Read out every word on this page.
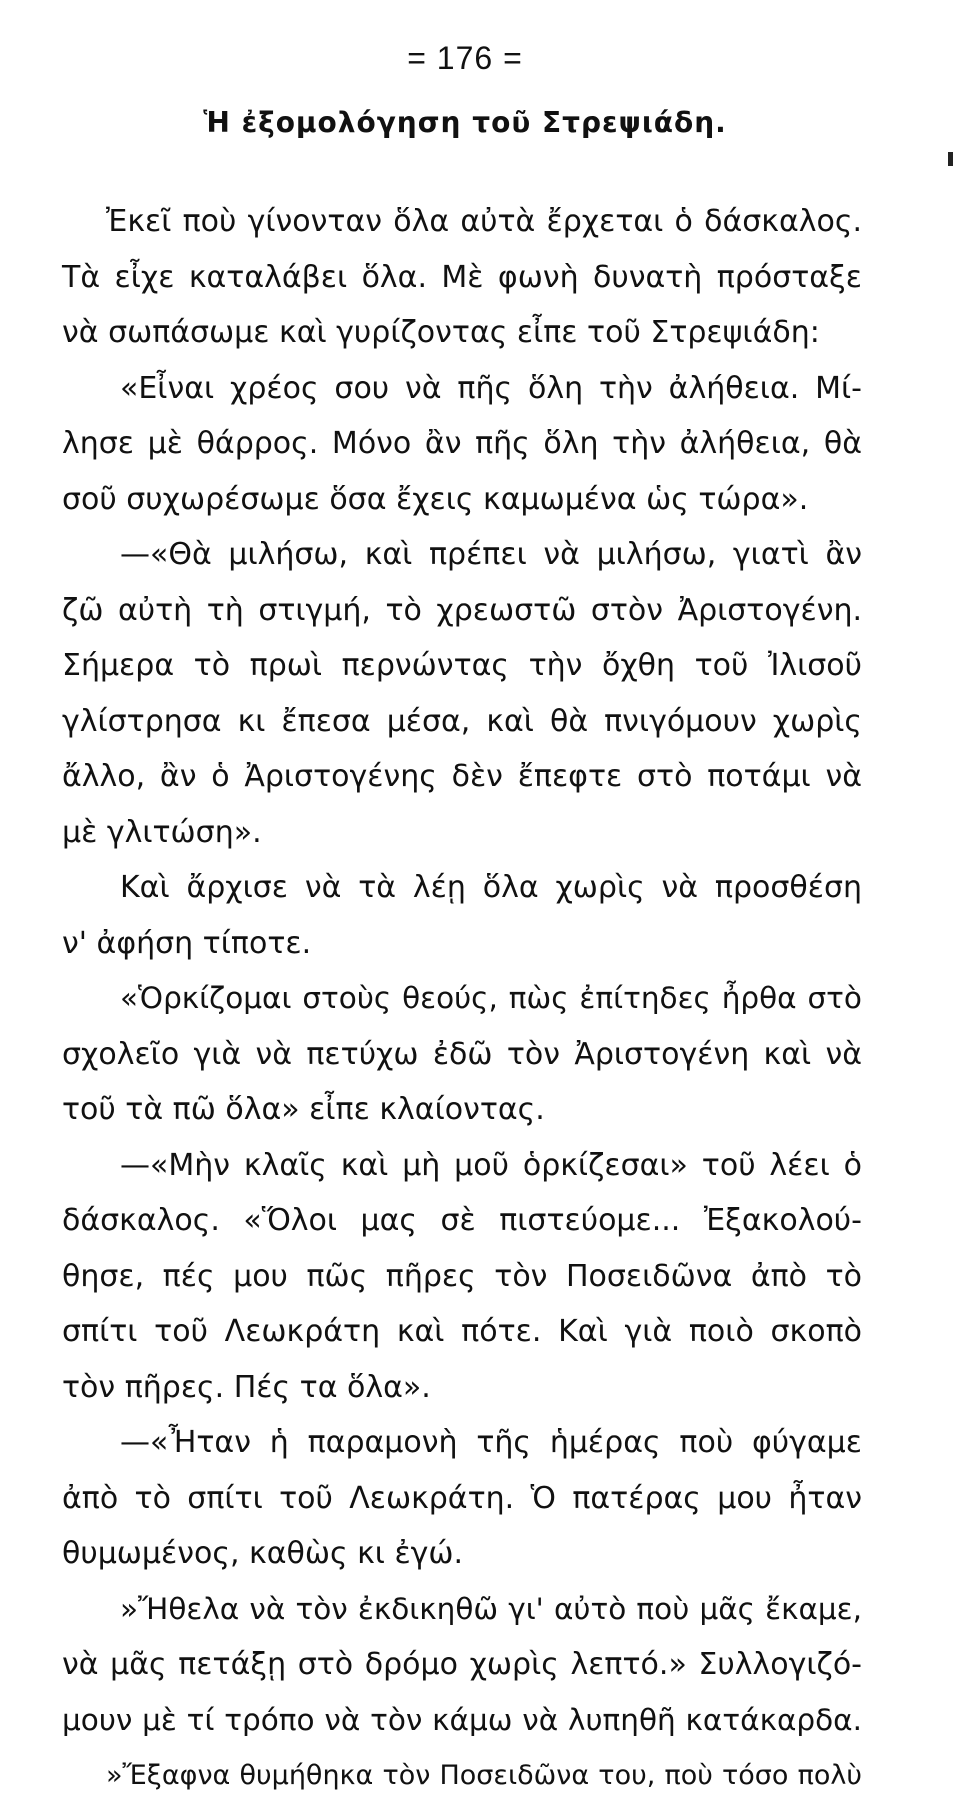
= 176 =
Ἡ ἐξομολόγηση τοῦ Στρεψιάδη.
Ἐκεῖ ποὺ γίνονταν ὅλα αὐτὰ ἔρχεται ὁ δάσκαλος.
Τὰ εἶχε καταλάβει ὅλα. Μὲ φωνὴ δυνατὴ πρόσταξε
νὰ σωπάσωμε καὶ γυρίζοντας εἶπε τοῦ Στρεψιάδη:
«Εἶναι χρέος σου νὰ πῆς ὅλη τὴν ἀλήθεια. Μί-
λησε μὲ θάρρος. Μόνο ἂν πῆς ὅλη τὴν ἀλήθεια, θὰ
σοῦ συχωρέσωμε ὅσα ἔχεις καμωμένα ὡς τώρα».
—«Θὰ μιλήσω, καὶ πρέπει νὰ μιλήσω, γιατὶ ἂν
ζῶ αὐτὴ τὴ στιγμή, τὸ χρεωστῶ στὸν Ἀριστογένη.
Σήμερα τὸ πρωὶ περνώντας τὴν ὄχθη τοῦ Ἰλισοῦ
γλίστρησα κι ἔπεσα μέσα, καὶ θὰ πνιγόμουν χωρὶς
ἄλλο, ἂν ὁ Ἀριστογένης δὲν ἔπεφτε στὸ ποτάμι νὰ
μὲ γλιτώση».
Καὶ ἄρχισε νὰ τὰ λέῃ ὅλα χωρὶς νὰ προσθέση
ν' ἀφήση τίποτε.
«Ὁρκίζομαι στοὺς θεούς, πὼς ἐπίτηδες ἦρθα στὸ
σχολεῖο γιὰ νὰ πετύχω ἐδῶ τὸν Ἀριστογένη καὶ νὰ
τοῦ τὰ πῶ ὅλα» εἶπε κλαίοντας.
—«Μὴν κλαῖς καὶ μὴ μοῦ ὁρκίζεσαι» τοῦ λέει ὁ
δάσκαλος. «Ὅλοι μας σὲ πιστεύομε... Ἐξακολού-
θησε, πές μου πῶς πῆρες τὸν Ποσειδῶνα ἀπὸ τὸ
σπίτι τοῦ Λεωκράτη καὶ πότε. Καὶ γιὰ ποιὸ σκοπὸ
τὸν πῆρες. Πές τα ὅλα».
—«Ἦταν ἡ παραμονὴ τῆς ἡμέρας ποὺ φύγαμε
ἀπὸ τὸ σπίτι τοῦ Λεωκράτη. Ὁ πατέρας μου ἦταν
θυμωμένος, καθὼς κι ἐγώ.
»Ἤθελα νὰ τὸν ἐκδικηθῶ γι' αὐτὸ ποὺ μᾶς ἔκαμε,
νὰ μᾶς πετάξῃ στὸ δρόμο χωρὶς λεπτό.» Συλλογιζό-
μουν μὲ τί τρόπο νὰ τὸν κάμω νὰ λυπηθῆ κατάκαρδα.
»Ἔξαφνα θυμήθηκα τὸν Ποσειδῶνα του, ποὺ τόσο πολὺ
